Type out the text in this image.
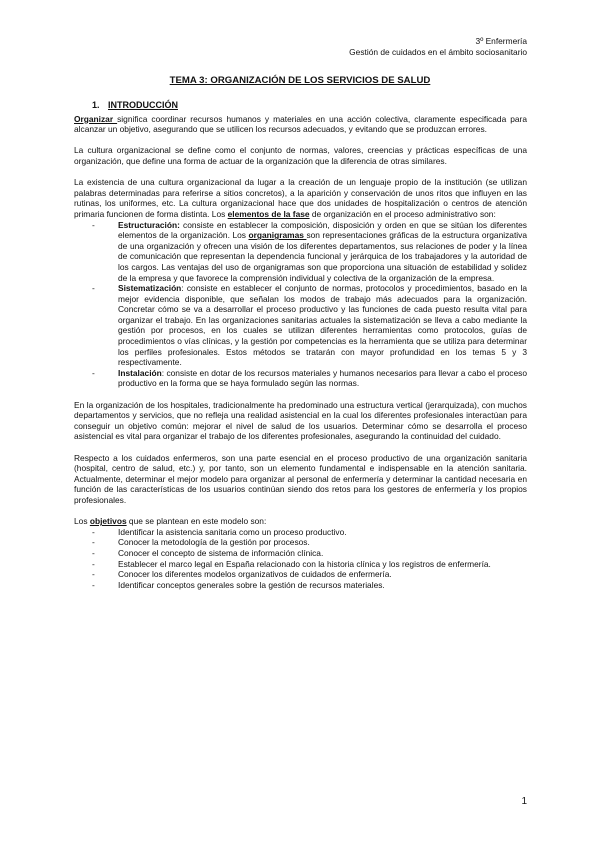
3º Enfermería
Gestión de cuidados en el ámbito sociosanitario
TEMA 3: ORGANIZACIÓN DE LOS SERVICIOS DE SALUD
1. INTRODUCCIÓN

Organizar significa coordinar recursos humanos y materiales en una acción colectiva, claramente especificada para alcanzar un objetivo, asegurando que se utilicen los recursos adecuados, y evitando que se produzcan errores.

La cultura organizacional se define como el conjunto de normas, valores, creencias y prácticas específicas de una organización, que define una forma de actuar de la organización que la diferencia de otras similares.

La existencia de una cultura organizacional da lugar a la creación de un lenguaje propio de la institución (se utilizan palabras determinadas para referirse a sitios concretos), a la aparición y conservación de unos ritos que influyen en las rutinas, los uniformes, etc. La cultura organizacional hace que dos unidades de hospitalización o centros de atención primaria funcionen de forma distinta. Los elementos de la fase de organización en el proceso administrativo son:

- Estructuración: consiste en establecer la composición, disposición y orden en que se sitúan los diferentes elementos de la organización. Los organigramas son representaciones gráficas de la estructura organizativa de una organización y ofrecen una visión de los diferentes departamentos, sus relaciones de poder y la línea de comunicación que representan la dependencia funcional y jerárquica de los trabajadores y la autoridad de los cargos. Las ventajas del uso de organigramas son que proporciona una situación de estabilidad y solidez de la empresa y que favorece la comprensión individual y colectiva de la organización de la empresa.
- Sistematización: consiste en establecer el conjunto de normas, protocolos y procedimientos, basado en la mejor evidencia disponible, que señalan los modos de trabajo más adecuados para la organización. Concretar cómo se va a desarrollar el proceso productivo y las funciones de cada puesto resulta vital para organizar el trabajo. En las organizaciones sanitarias actuales la sistematización se lleva a cabo mediante la gestión por procesos, en los cuales se utilizan diferentes herramientas como protocolos, guías de procedimientos o vías clínicas, y la gestión por competencias es la herramienta que se utiliza para determinar los perfiles profesionales. Estos métodos se tratarán con mayor profundidad en los temas 5 y 3 respectivamente.
- Instalación: consiste en dotar de los recursos materiales y humanos necesarios para llevar a cabo el proceso productivo en la forma que se haya formulado según las normas.

En la organización de los hospitales, tradicionalmente ha predominado una estructura vertical (jerarquizada), con muchos departamentos y servicios, que no refleja una realidad asistencial en la cual los diferentes profesionales interactúan para conseguir un objetivo común: mejorar el nivel de salud de los usuarios. Determinar cómo se desarrolla el proceso asistencial es vital para organizar el trabajo de los diferentes profesionales, asegurando la continuidad del cuidado.

Respecto a los cuidados enfermeros, son una parte esencial en el proceso productivo de una organización sanitaria (hospital, centro de salud, etc.) y, por tanto, son un elemento fundamental e indispensable en la atención sanitaria. Actualmente, determinar el mejor modelo para organizar al personal de enfermería y determinar la cantidad necesaria en función de las características de los usuarios continúan siendo dos retos para los gestores de enfermería y los propios profesionales.

Los objetivos que se plantean en este modelo son:

- Identificar la asistencia sanitaria como un proceso productivo.
- Conocer la metodología de la gestión por procesos.
- Conocer el concepto de sistema de información clínica.
- Establecer el marco legal en España relacionado con la historia clínica y los registros de enfermería.
- Conocer los diferentes modelos organizativos de cuidados de enfermería.
- Identificar conceptos generales sobre la gestión de recursos materiales.
1
